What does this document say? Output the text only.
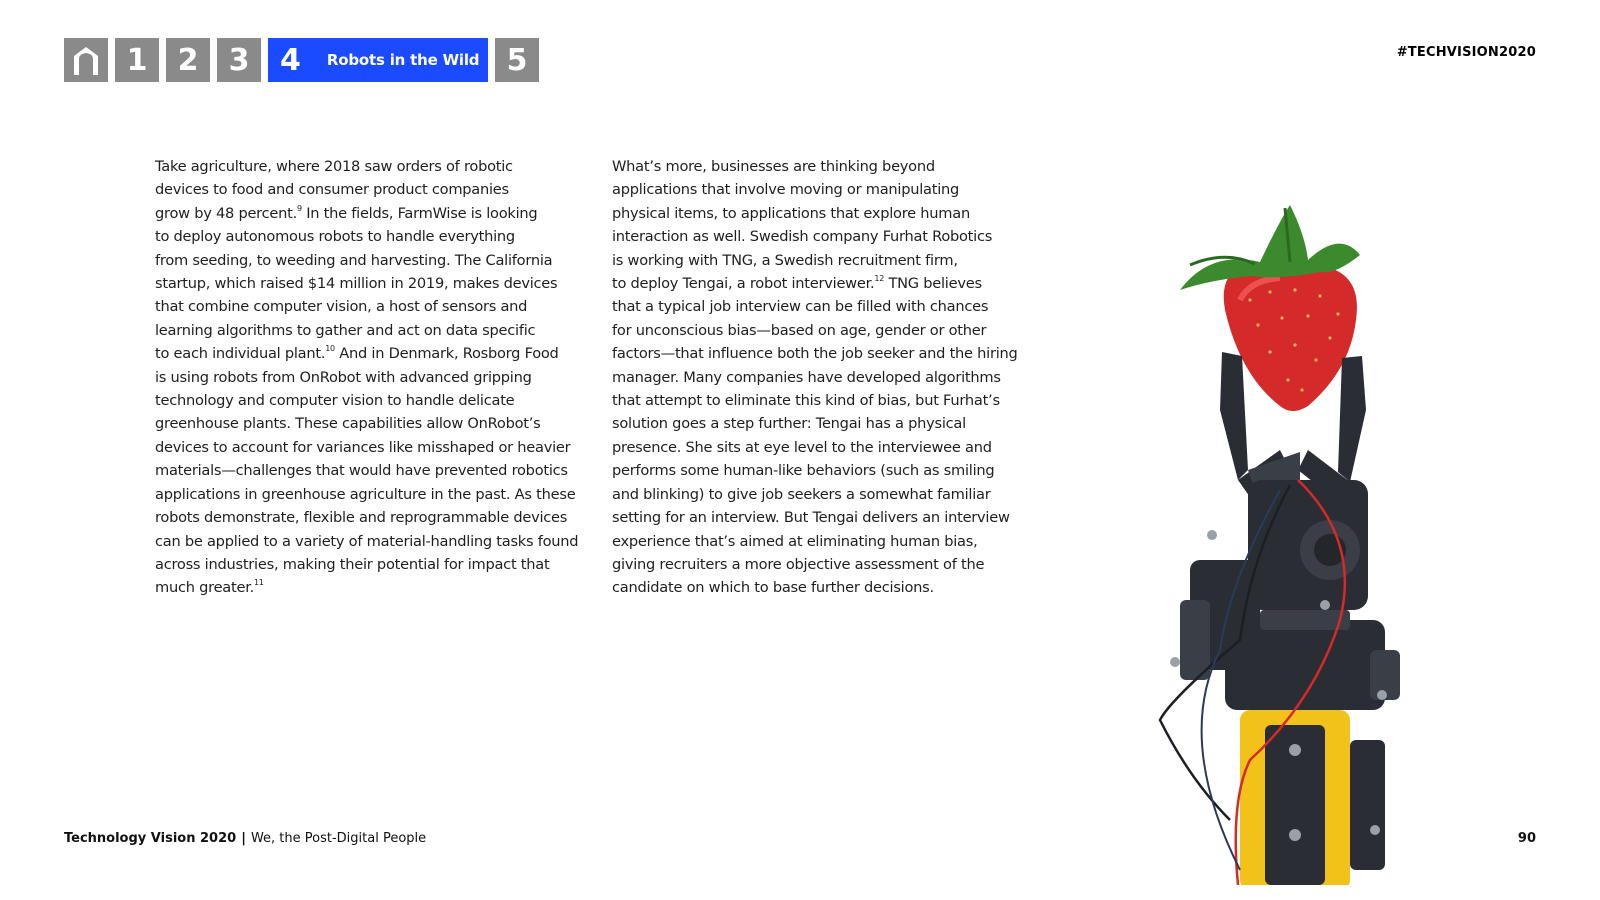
1 2 3 4 Robots in the Wild 5	#TECHVISION2020

Take agriculture, where 2018 saw orders of robotic

devices to food and consumer product companies

grow by 48 percent.$^9$ In the fields, FarmWise is looking

to deploy autonomous robots to handle everything

from seeding, to weeding and harvesting. The California

startup, which raised $14 million in 2019, makes devices

that combine computer vision, a host of sensors and

learning algorithms to gather and act on data specific

to each individual plant.$^{10}$ And in Denmark, Rosborg Food

is using robots from OnRobot with advanced gripping

technology and computer vision to handle delicate

greenhouse plants. These capabilities allow OnRobot’s

devices to account for variances like misshaped or heavier

materials—challenges that would have prevented robotics

applications in greenhouse agriculture in the past. As these

robots demonstrate, flexible and reprogrammable devices

can be applied to a variety of material-handling tasks found

across industries, making their potential for impact that

much greater.$^{11}$

What’s more, businesses are thinking beyond

applications that involve moving or manipulating

physical items, to applications that explore human

interaction as well. Swedish company Furhat Robotics

is working with TNG, a Swedish recruitment firm,

to deploy Tengai, a robot interviewer.$^{12}$ TNG believes

that a typical job interview can be filled with chances

for unconscious bias—based on age, gender or other

factors—that influence both the job seeker and the hiring

manager. Many companies have developed algorithms

that attempt to eliminate this kind of bias, but Furhat’s

solution goes a step further: Tengai has a physical

presence. She sits at eye level to the interviewee and

performs some human-like behaviors (such as smiling

and blinking) to give job seekers a somewhat familiar

setting for an interview. But Tengai delivers an interview

experience that’s aimed at eliminating human bias,

giving recruiters a more objective assessment of the

candidate on which to base further decisions.

Technology Vision 2020 | We, the Post-Digital People	90
